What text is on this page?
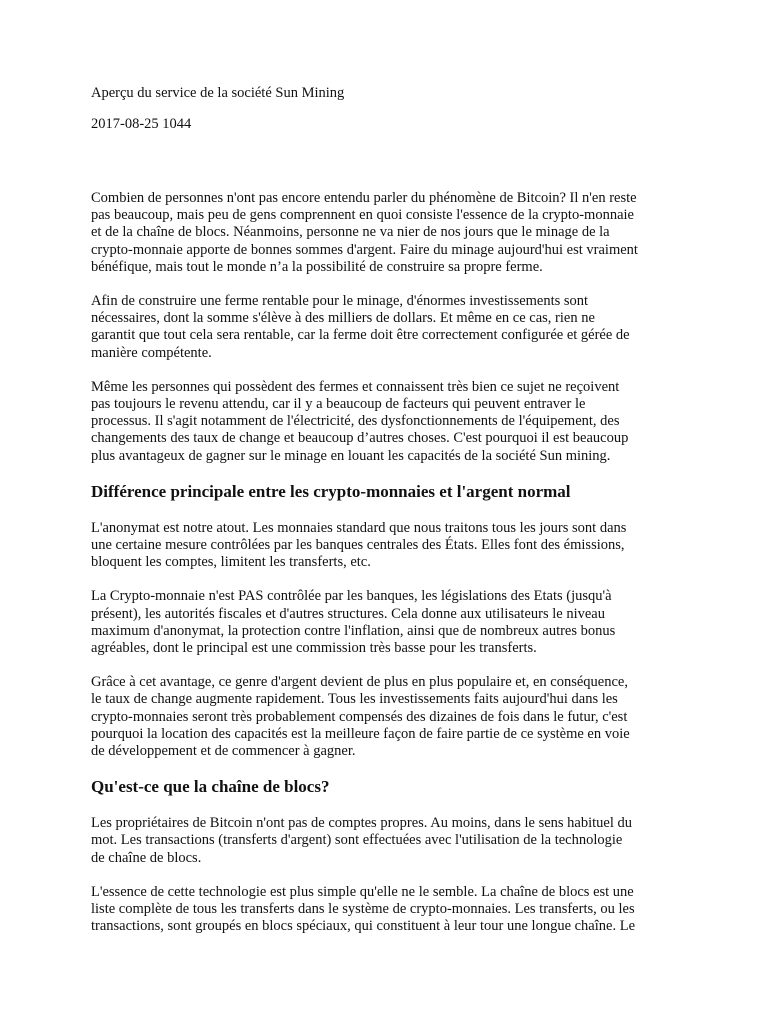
Aperçu du service de la société Sun Mining

2017-08-25 1044

Combien de personnes n'ont pas encore entendu parler du phénomène de Bitcoin? Il n'en reste
pas beaucoup, mais peu de gens comprennent en quoi consiste l'essence de la crypto-monnaie
et de la chaîne de blocs. Néanmoins, personne ne va nier de nos jours que le minage de la
crypto-monnaie apporte de bonnes sommes d'argent. Faire du minage aujourd'hui est vraiment
bénéfique, mais tout le monde n’a la possibilité de construire sa propre ferme.

Afin de construire une ferme rentable pour le minage, d'énormes investissements sont
nécessaires, dont la somme s'élève à des milliers de dollars. Et même en ce cas, rien ne
garantit que tout cela sera rentable, car la ferme doit être correctement configurée et gérée de
manière compétente.

Même les personnes qui possèdent des fermes et connaissent très bien ce sujet ne reçoivent
pas toujours le revenu attendu, car il y a beaucoup de facteurs qui peuvent entraver le
processus. Il s'agit notamment de l'électricité, des dysfonctionnements de l'équipement, des
changements des taux de change et beaucoup d’autres choses. C'est pourquoi il est beaucoup
plus avantageux de gagner sur le minage en louant les capacités de la société Sun mining.

Différence principale entre les crypto-monnaies et l'argent normal

L'anonymat est notre atout. Les monnaies standard que nous traitons tous les jours sont dans
une certaine mesure contrôlées par les banques centrales des États. Elles font des émissions,
bloquent les comptes, limitent les transferts, etc.

La Crypto-monnaie n'est PAS contrôlée par les banques, les législations des Etats (jusqu'à
présent), les autorités fiscales et d'autres structures. Cela donne aux utilisateurs le niveau
maximum d'anonymat, la protection contre l'inflation, ainsi que de nombreux autres bonus
agréables, dont le principal est une commission très basse pour les transferts.

Grâce à cet avantage, ce genre d'argent devient de plus en plus populaire et, en conséquence,
le taux de change augmente rapidement. Tous les investissements faits aujourd'hui dans les
crypto-monnaies seront très probablement compensés des dizaines de fois dans le futur, c'est
pourquoi la location des capacités est la meilleure façon de faire partie de ce système en voie
de développement et de commencer à gagner.

Qu'est-ce que la chaîne de blocs?

Les propriétaires de Bitcoin n'ont pas de comptes propres. Au moins, dans le sens habituel du
mot. Les transactions (transferts d'argent) sont effectuées avec l'utilisation de la technologie
de chaîne de blocs.

L'essence de cette technologie est plus simple qu'elle ne le semble. La chaîne de blocs est une
liste complète de tous les transferts dans le système de crypto-monnaies. Les transferts, ou les
transactions, sont groupés en blocs spéciaux, qui constituent à leur tour une longue chaîne. Le
